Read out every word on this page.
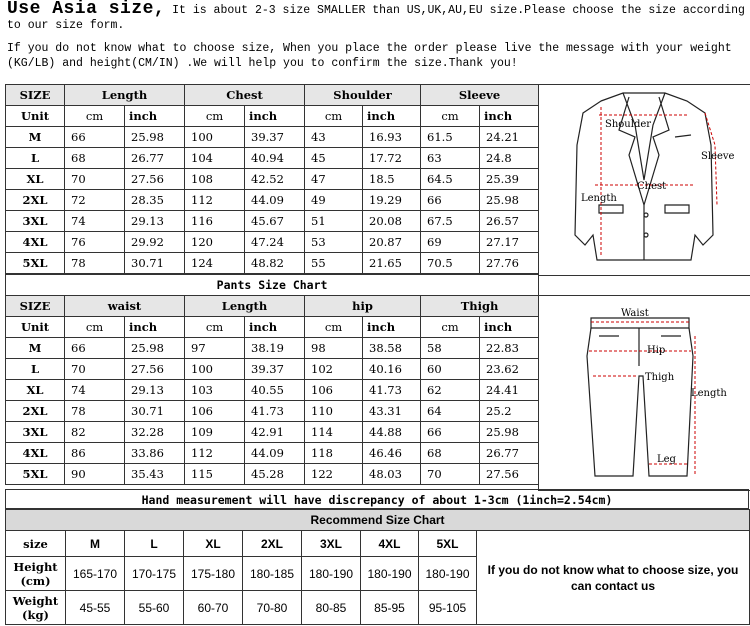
Use Asia size, It is about 2-3 size SMALLER than US,UK,AU,EU size.Please choose the size according to our size form.

If you do not know what to choose size, When you place the order please live the message with your weight (KG/LB) and height(CM/IN) .We will help you to confirm the size.Thank you!

SIZE	Length		Chest		Shoulder		Sleeve	
Unit	cm	inch	cm	inch	cm	inch	cm	inch
M	66	25.98	100	39.37	43	16.93	61.5	24.21
L	68	26.77	104	40.94	45	17.72	63	24.8
XL	70	27.56	108	42.52	47	18.5	64.5	25.39
2XL	72	28.35	112	44.09	49	19.29	66	25.98
3XL	74	29.13	116	45.67	51	20.08	67.5	26.57
4XL	76	29.92	120	47.24	53	20.87	69	27.17
5XL	78	30.71	124	48.82	55	21.65	70.5	27.76
Shoulder
Sleeve
Chest
Length
Pants Size Chart								
SIZE	waist		Length		hip		Thigh	
Unit	cm	inch	cm	inch	cm	inch	cm	inch
M	66	25.98	97	38.19	98	38.58	58	22.83
L	70	27.56	100	39.37	102	40.16	60	23.62
XL	74	29.13	103	40.55	106	41.73	62	24.41
2XL	78	30.71	106	41.73	110	43.31	64	25.2
3XL	82	32.28	109	42.91	114	44.88	66	25.98
4XL	86	33.86	112	44.09	118	46.46	68	26.77
5XL	90	35.43	115	45.28	122	48.03	70	27.56
Waist
Hip
Thigh
Length
Leg
Hand measurement will have discrepancy of about 1-3cm (1inch=2.54cm)
Recommend Size Chart								
size	M	L	XL	2XL	3XL	4XL	5XL	If you do not know what to choose size, you can contact us
Height
(cm)	165-170	170-175	175-180	180-185	180-190	180-190	180-190	
Weight
(kg)	45-55	55-60	60-70	70-80	80-85	85-95	95-105	
